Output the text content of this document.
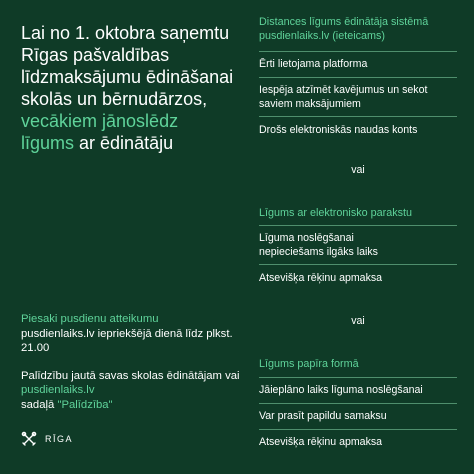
Lai no 1. oktobra saņemtu Rīgas pašvaldības līdzmaksājumu ēdināšanai skolās un bērnudārzos, vecākiem jānoslēdz līgums ar ēdinātāju

Piesaki pusdienu atteikumu
pusdienlaiks.lv iepriekšējā dienā līdz plkst. 21.00

Palīdzību jautā savas skolas ēdinātājam vai pusdienlaiks.lv
sadaļā "Palīdzība"

RĪGA
Distances līgums ēdinātāja sistēmā pusdienlaiks.lv (ieteicams)
Ērti lietojama platforma
Iespēja atzīmēt kavējumus un sekot saviem maksājumiem
Drošs elektroniskās naudas konts
vai
Līgums ar elektronisko parakstu
Līguma noslēgšanai nepieciešams ilgāks laiks
Atsevišķa rēķinu apmaksa
vai
Līgums papīra formā
Jāieplāno laiks līguma noslēgšanai
Var prasīt papildu samaksu
Atsevišķa rēķinu apmaksa
